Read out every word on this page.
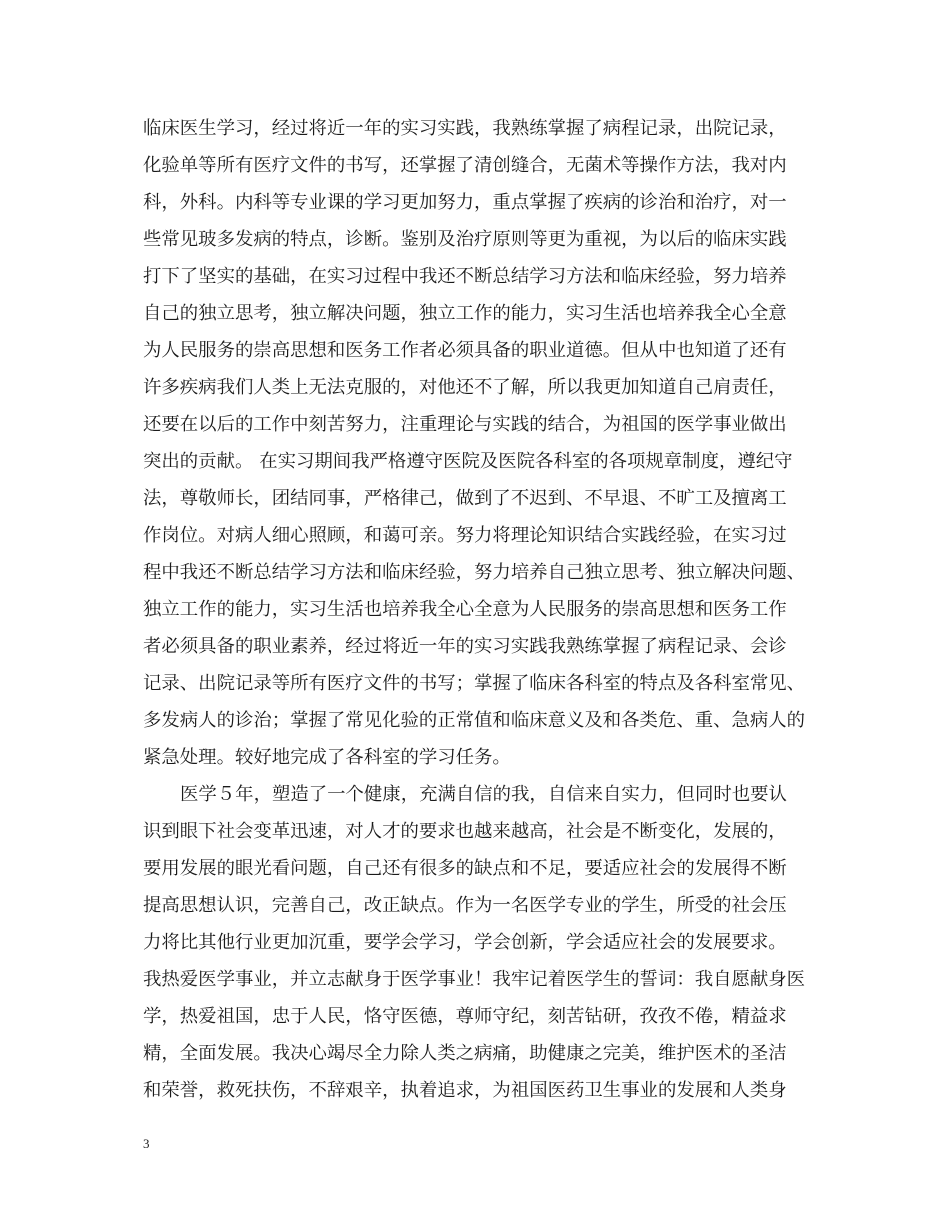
临床医生学习，经过将近一年的实习实践，我熟练掌握了病程记录，出院记录，
化验单等所有医疗文件的书写，还掌握了清创缝合，无菌术等操作方法，我对内
科，外科。内科等专业课的学习更加努力，重点掌握了疾病的诊治和治疗，对一
些常见玻多发病的特点，诊断。鉴别及治疗原则等更为重视，为以后的临床实践
打下了坚实的基础，在实习过程中我还不断总结学习方法和临床经验，努力培养
自己的独立思考，独立解决问题，独立工作的能力，实习生活也培养我全心全意
为人民服务的崇高思想和医务工作者必须具备的职业道德。但从中也知道了还有
许多疾病我们人类上无法克服的，对他还不了解，所以我更加知道自己肩责任，
还要在以后的工作中刻苦努力，注重理论与实践的结合，为祖国的医学事业做出
突出的贡献。 在实习期间我严格遵守医院及医院各科室的各项规章制度，遵纪守
法，尊敬师长，团结同事，严格律己，做到了不迟到、不早退、不旷工及擅离工
作岗位。对病人细心照顾，和蔼可亲。努力将理论知识结合实践经验，在实习过
程中我还不断总结学习方法和临床经验，努力培养自己独立思考、独立解决问题、
独立工作的能力，实习生活也培养我全心全意为人民服务的崇高思想和医务工作
者必须具备的职业素养，经过将近一年的实习实践我熟练掌握了病程记录、会诊
记录、出院记录等所有医疗文件的书写；掌握了临床各科室的特点及各科室常见、
多发病人的诊治；掌握了常见化验的正常值和临床意义及和各类危、重、急病人的
紧急处理。较好地完成了各科室的学习任务。
医学５年，塑造了一个健康，充满自信的我，自信来自实力，但同时也要认
识到眼下社会变革迅速，对人才的要求也越来越高，社会是不断变化，发展的，
要用发展的眼光看问题，自己还有很多的缺点和不足，要适应社会的发展得不断
提高思想认识，完善自己，改正缺点。作为一名医学专业的学生，所受的社会压
力将比其他行业更加沉重，要学会学习，学会创新，学会适应社会的发展要求。
我热爱医学事业，并立志献身于医学事业！我牢记着医学生的誓词：我自愿献身医
学，热爱祖国，忠于人民，恪守医德，尊师守纪，刻苦钻研，孜孜不倦，精益求
精，全面发展。我决心竭尽全力除人类之病痛，助健康之完美，维护医术的圣洁
和荣誉，救死扶伤，不辞艰辛，执着追求，为祖国医药卫生事业的发展和人类身
3
